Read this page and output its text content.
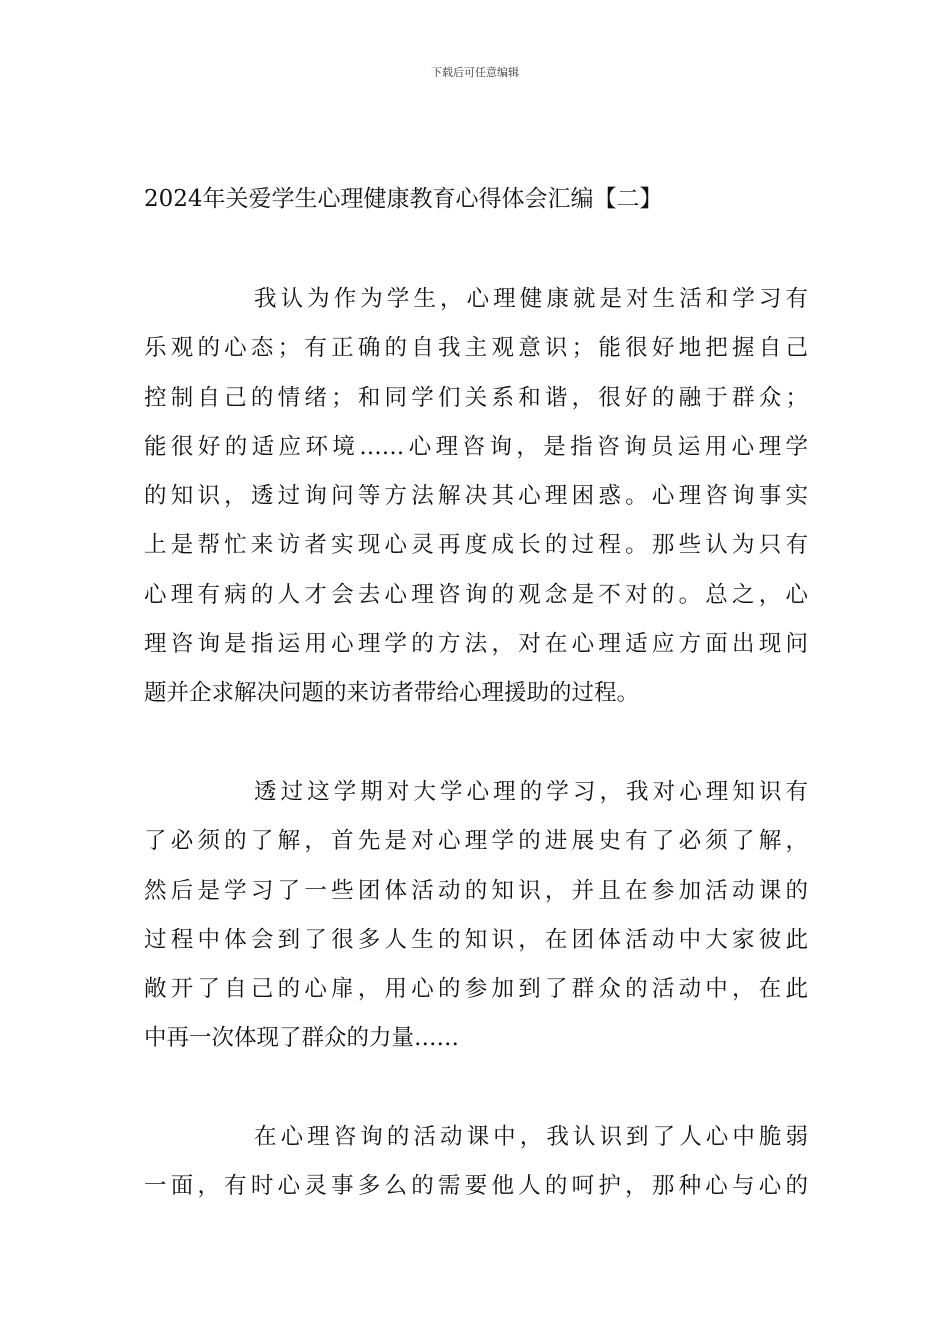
下载后可任意编辑
2024年关爱学生心理健康教育心得体会汇编【二】
我认为作为学生，心理健康就是对生活和学习有
乐观的心态；有正确的自我主观意识；能很好地把握自己
控制自己的情绪；和同学们关系和谐，很好的融于群众；
能很好的适应环境……心理咨询，是指咨询员运用心理学
的知识，透过询问等方法解决其心理困惑。心理咨询事实
上是帮忙来访者实现心灵再度成长的过程。那些认为只有
心理有病的人才会去心理咨询的观念是不对的。总之，心
理咨询是指运用心理学的方法，对在心理适应方面出现问
题并企求解决问题的来访者带给心理援助的过程。
透过这学期对大学心理的学习，我对心理知识有
了必须的了解，首先是对心理学的进展史有了必须了解，
然后是学习了一些团体活动的知识，并且在参加活动课的
过程中体会到了很多人生的知识，在团体活动中大家彼此
敞开了自己的心扉，用心的参加到了群众的活动中，在此
中再一次体现了群众的力量……
在心理咨询的活动课中，我认识到了人心中脆弱
一面，有时心灵事多么的需要他人的呵护，那种心与心的
